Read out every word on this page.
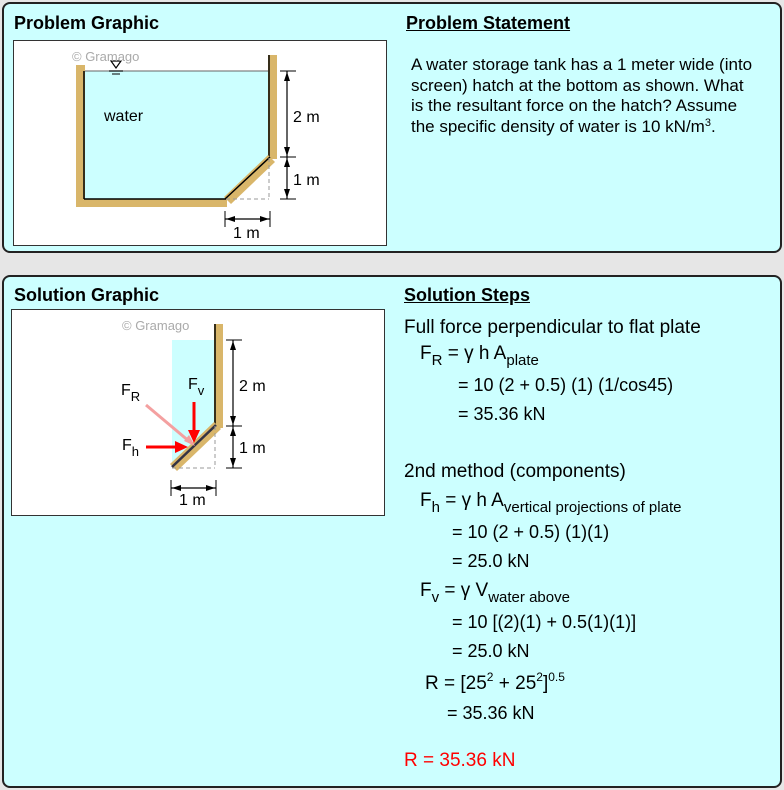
Problem Graphic	Problem Statement
© Gramago
water	2 m
1 m
1 m
A water storage tank has a 1 meter wide (into screen) hatch at the bottom as shown. What is the resultant force on the hatch? Assume the specific density of water is 10 $kN/m^3$.
Solution Graphic	Solution Steps
© Gramago
2 m
1 m
1 m
$F_R$
$F_v$
$F_h$
Full force perpendicular to flat plate
$F_R = \gamma$ h $A_{plate}$
= 10 (2 + 0.5) (1) (1/cos45)
= 35.36 kN
2nd method (components)
$F_h = \gamma$ h $A_{vertical projections of plate}$
= 10 (2 + 0.5) (1)(1)
= 25.0 kN
$F_v = \gamma$ $V_{water above}$
= 10 [(2)(1) + 0.5(1)(1)]
= 25.0 kN
$R = [25^2 + 25^2]^{0.5}$
= 35.36 kN
R = 35.36 kN
